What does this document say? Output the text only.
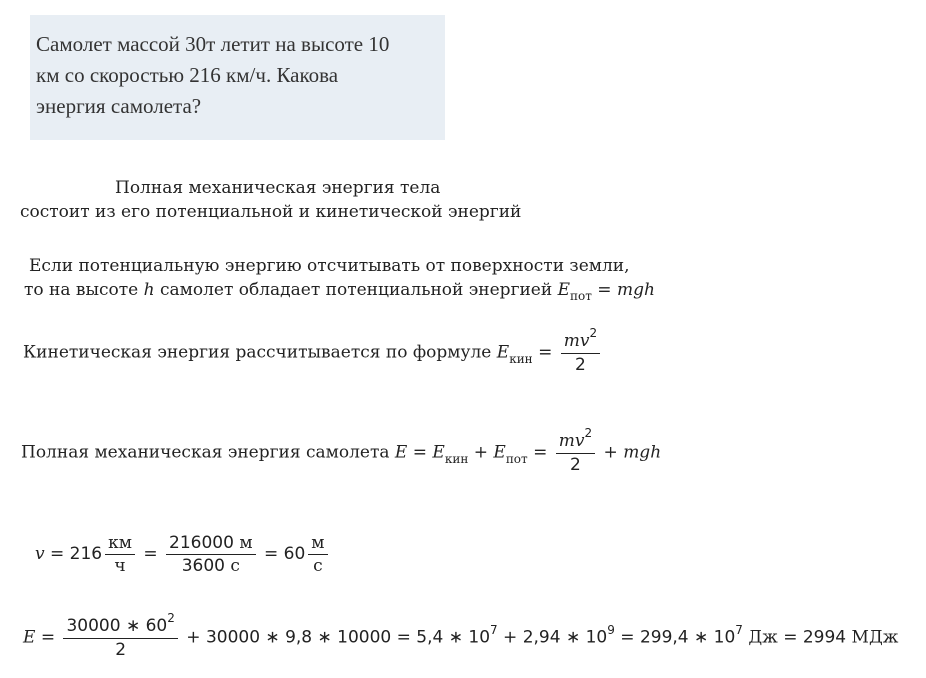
Самолет массой 30т летит на высоте 10
км со скоростью 216 км/ч. Какова
энергия самолета?
Полная механическая энергия тела
состоит из его потенциальной и кинетической энергий
Если потенциальную энергию отсчитывать от поверхности земли,
то на высоте h самолет обладает потенциальной энергией $E_{пот}$ = mgh
Кинетическая энергия рассчитывается по формуле $E_{кин} = \frac{mv^2}{2}$
Полная механическая энергия самолета $E = E_{кин} + E_{пот} = \frac{mv^2}{2}$ + mgh
$v = 216 \frac{км}{ч} = \frac{216000 м}{3600 с} = 60 \frac{м}{с}$
$E = \frac{30000 ∗ 60^2}{2} + 30000$ ∗ 9,8 ∗ 10000 = 5,4 ∗ $10^7 + 2,94$ ∗ $10^9 = 299,4$ ∗ $10^7$ Дж = 2994 МДж
